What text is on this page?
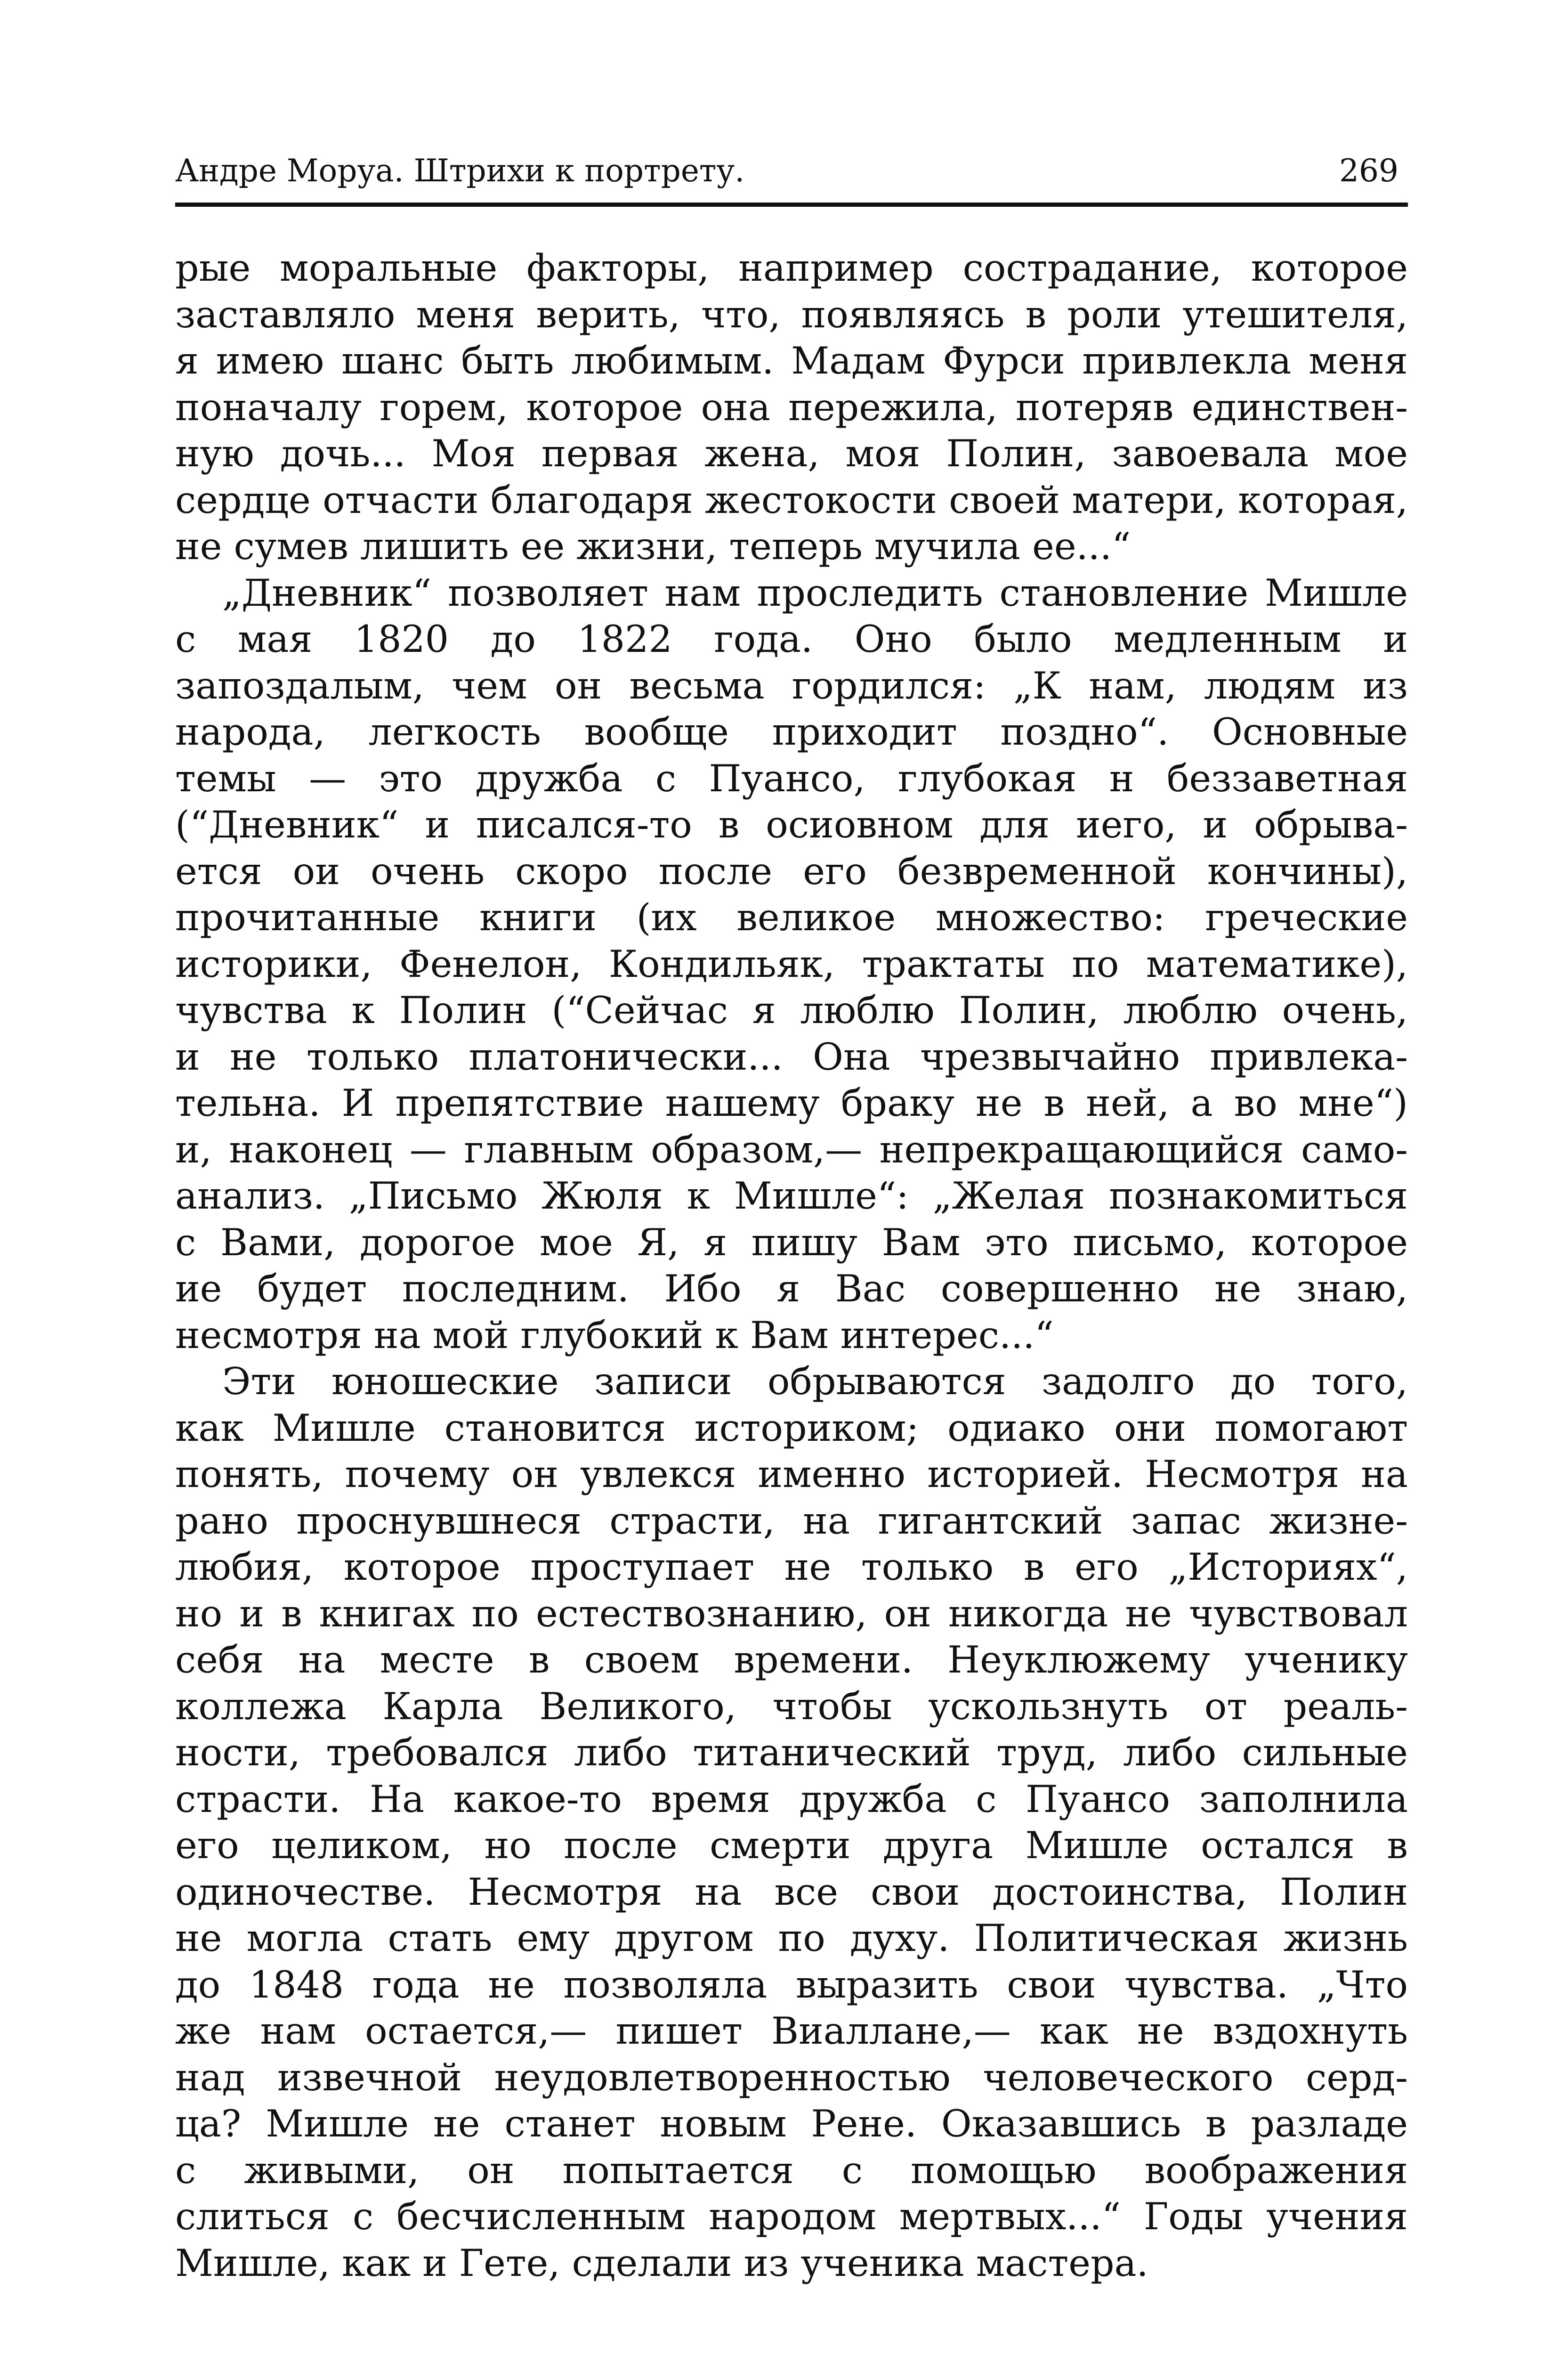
Андре Моруа. Штрихи к портрету.	269
рые моральные факторы, например сострадание, которое
заставляло меня верить, что, появляясь в роли утешителя,
я имею шанс быть любимым. Мадам Фурси привлекла меня
поначалу горем, которое она пережила, потеряв единствен-
ную дочь... Моя первая жена, моя Полин, завоевала мое
сердце отчасти благодаря жестокости своей матери, которая,
не сумев лишить ее жизни, теперь мучила ее...“
„Дневник“ позволяет нам проследить становление Мишле
с мая 1820 до 1822 года. Оно было медленным и
запоздалым, чем он весьма гордился: „К нам, людям из
народа, легкость вообще приходит поздно“. Основные
темы — это дружба с Пуансо, глубокая н беззаветная
(“Дневник“ и писался-то в осиовном для иего, и обрыва-
ется ои очень скоро после его безвременной кончины),
прочитанные книги (их великое множество: греческие
историки, Фенелон, Кондильяк, трактаты по математике),
чувства к Полин (“Сейчас я люблю Полин, люблю очень,
и не только платонически... Она чрезвычайно привлека-
тельна. И препятствие нашему браку не в ней, а во мне“)
и, наконец — главным образом,— непрекращающийся само-
анализ. „Письмо Жюля к Мишле“: „Желая познакомиться
с Вами, дорогое мое Я, я пишу Вам это письмо, которое
ие будет последним. Ибо я Вас совершенно не знаю,
несмотря на мой глубокий к Вам интерес...“
Эти юношеские записи обрываются задолго до того,
как Мишле становится историком; одиако они помогают
понять, почему он увлекся именно историей. Несмотря на
рано проснувшнеся страсти, на гигантский запас жизне-
любия, которое проступает не только в его „Историях“,
но и в книгах по естествознанию, он никогда не чувствовал
себя на месте в своем времени. Неуклюжему ученику
коллежа Карла Великого, чтобы ускользнуть от реаль-
ности, требовался либо титанический труд, либо сильные
страсти. На какое-то время дружба с Пуансо заполнила
его целиком, но после смерти друга Мишле остался в
одиночестве. Несмотря на все свои достоинства, Полин
не могла стать ему другом по духу. Политическая жизнь
до 1848 года не позволяла выразить свои чувства. „Что
же нам остается,— пишет Виаллане,— как не вздохнуть
над извечной неудовлетворенностью человеческого серд-
ца? Мишле не станет новым Рене. Оказавшись в разладе
с живыми, он попытается с помощью воображения
слиться с бесчисленным народом мертвых...“ Годы учения
Мишле, как и Гете, сделали из ученика мастера.
